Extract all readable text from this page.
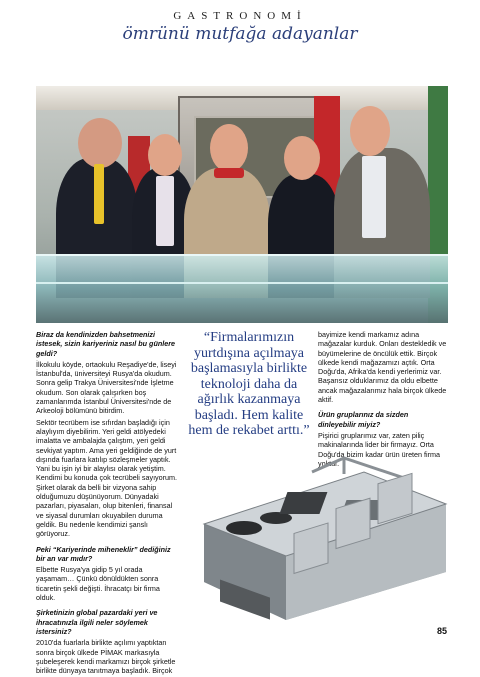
GASTRONOMİ
ömrünü mutfağa adayanlar

Biraz da kendinizden bahsetmenizi istesek, sizin kariyeriniz nasıl bu günlere geldi?

İlkokulu köyde, ortaokulu Reşadiye'de, liseyi İstanbul'da, üniversiteyi Rusya'da okudum. Sonra gelip Trakya Üniversitesi'nde İşletme okudum. Son olarak çalışırken boş zamanlarımda İstanbul Üniversitesi'nde de Arkeoloji bölümünü bitirdim.

Sektör tecrübem ise sıfırdan başladığı için alaylıyım diyebilirim. Yeri geldi atölyedeki imalatta ve ambalajda çalıştım, yeri geldi sevkiyat yaptım. Ama yeri geldiğinde de yurt dışında fuarlara katılıp sözleşmeler yaptık. Yani bu işin iyi bir alaylısı olarak yetiştim. Kendimi bu konuda çok tecrübeli sayıyorum. Şirket olarak da belli bir vizyona sahip olduğumuzu düşünüyorum. Dünyadaki pazarları, piyasaları, olup bitenleri, finansal ve siyasal durumları okuyabilen duruma geldik. Bu nedenle kendimizi şanslı görüyoruz.

Peki “Kariyerinde miheneklir” dediğiniz bir an var mıdır?

Elbette Rusya'ya gidip 5 yıl orada yaşamam… Çünkü dönüldükten sonra ticaretin şekli değişti. İhracatçı bir firma olduk.

Şirketinizin global pazardaki yeri ve ihracatınızla ilgili neler söylemek istersiniz?

2010'da fuarlarla birlikte açılımı yaptıktan sonra birçok ülkede PİMAK markasıyla şubeleşerek kendi markamızı birçok şirketle birlikte dünyaya tanıtmaya başladık. Birçok

“Firmalarımızın yurtdışına açılmaya başlamasıyla birlikte teknoloji daha da ağırlık kazanmaya başladı. Hem kalite hem de rekabet arttı.”

bayimize kendi markamız adına mağazalar kurduk. Onları destekledik ve büyümelerine de öncülük ettik. Birçok ülkede kendi mağazamızı açtık. Orta Doğu'da, Afrika'da kendi yerlerimiz var. Başarısız olduklarımız da oldu elbette ancak mağazalarımız hala birçok ülkede aktif.

Ürün gruplarınız da sizden dinleyebilir miyiz?

Pişirici gruplarımız var, zaten piliç makinalarında lider bir firmayız. Orta Doğu'da bizim kadar ürün üreten firma yoktur.

85
